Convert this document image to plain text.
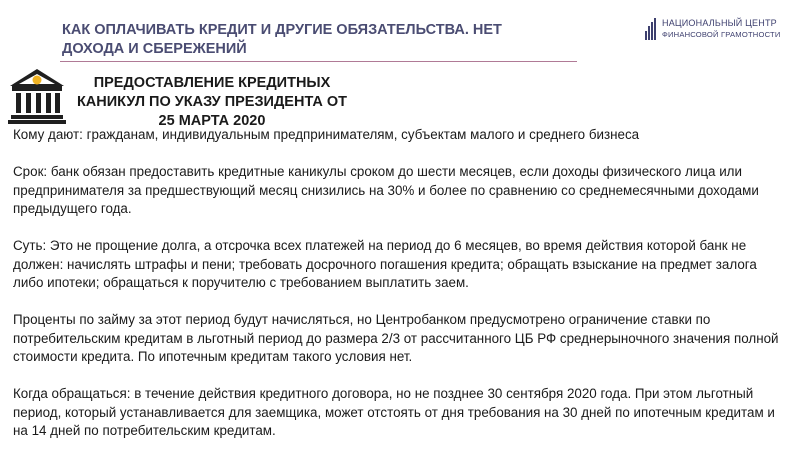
КАК ОПЛАЧИВАТЬ КРЕДИТ И ДРУГИЕ ОБЯЗАТЕЛЬСТВА. НЕТ
ДОХОДА И СБЕРЕЖЕНИЙ
НАЦИОНАЛЬНЫЙ ЦЕНТР
ФИНАНСОВОЙ ГРАМОТНОСТИ
ПРЕДОСТАВЛЕНИЕ КРЕДИТНЫХ
КАНИКУЛ ПО УКАЗУ ПРЕЗИДЕНТА ОТ
25 МАРТА 2020

Кому дают: гражданам, индивидуальным предпринимателям, субъектам малого и среднего бизнеса

Срок: банк обязан предоставить кредитные каникулы сроком до шести месяцев, если доходы физического лица или предпринимателя за предшествующий месяц снизились на 30% и более по сравнению со среднемесячными доходами предыдущего года.

Суть: Это не прощение долга, а отсрочка всех платежей на период до 6 месяцев, во время действия которой банк не должен: начислять штрафы и пени; требовать досрочного погашения кредита; обращать взыскание на предмет залога либо ипотеки; обращаться к поручителю с требованием выплатить заем.

Проценты по займу за этот период будут начисляться, но Центробанком предусмотрено ограничение ставки по потребительским кредитам в льготный период до размера 2/3 от рассчитанного ЦБ РФ среднерыночного значения полной стоимости кредита. По ипотечным кредитам такого условия нет.

Когда обращаться: в течение действия кредитного договора, но не позднее 30 сентября 2020 года. При этом льготный период, который устанавливается для заемщика, может отстоять от дня требования на 30 дней по ипотечным кредитам и на 14 дней по потребительским кредитам.
